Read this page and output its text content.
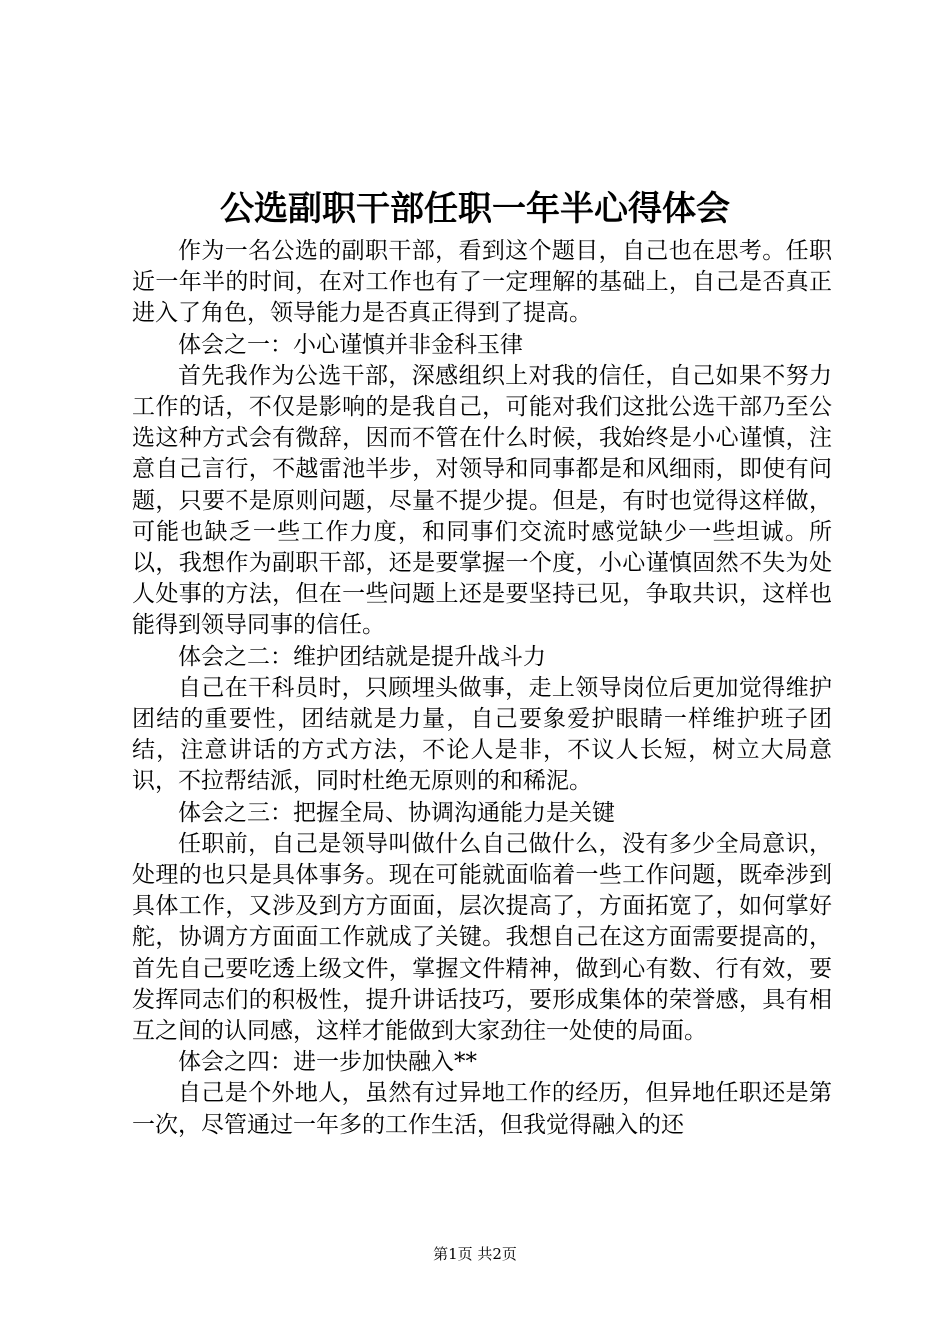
公选副职干部任职一年半心得体会

作为一名公选的副职干部，看到这个题目，自己也在思考。任职近一年半的时间，在对工作也有了一定理解的基础上，自己是否真正进入了角色，领导能力是否真正得到了提高。

体会之一：小心谨慎并非金科玉律

首先我作为公选干部，深感组织上对我的信任，自己如果不努力工作的话，不仅是影响的是我自己，可能对我们这批公选干部乃至公选这种方式会有微辞，因而不管在什么时候，我始终是小心谨慎，注意自己言行，不越雷池半步，对领导和同事都是和风细雨，即使有问题，只要不是原则问题，尽量不提少提。但是，有时也觉得这样做，可能也缺乏一些工作力度，和同事们交流时感觉缺少一些坦诚。所以，我想作为副职干部，还是要掌握一个度，小心谨慎固然不失为处人处事的方法，但在一些问题上还是要坚持已见，争取共识，这样也能得到领导同事的信任。

体会之二：维护团结就是提升战斗力

自己在干科员时，只顾埋头做事，走上领导岗位后更加觉得维护团结的重要性，团结就是力量，自己要象爱护眼睛一样维护班子团结，注意讲话的方式方法，不论人是非，不议人长短，树立大局意识，不拉帮结派，同时杜绝无原则的和稀泥。

体会之三：把握全局、协调沟通能力是关键

任职前，自己是领导叫做什么自己做什么，没有多少全局意识，处理的也只是具体事务。现在可能就面临着一些工作问题，既牵涉到具体工作，又涉及到方方面面，层次提高了，方面拓宽了，如何掌好舵，协调方方面面工作就成了关键。我想自己在这方面需要提高的，首先自己要吃透上级文件，掌握文件精神，做到心有数、行有效，要发挥同志们的积极性，提升讲话技巧，要形成集体的荣誉感，具有相互之间的认同感，这样才能做到大家劲往一处使的局面。

体会之四：进一步加快融入**

自己是个外地人，虽然有过异地工作的经历，但异地任职还是第一次，尽管通过一年多的工作生活，但我觉得融入的还

第1页 共2页
